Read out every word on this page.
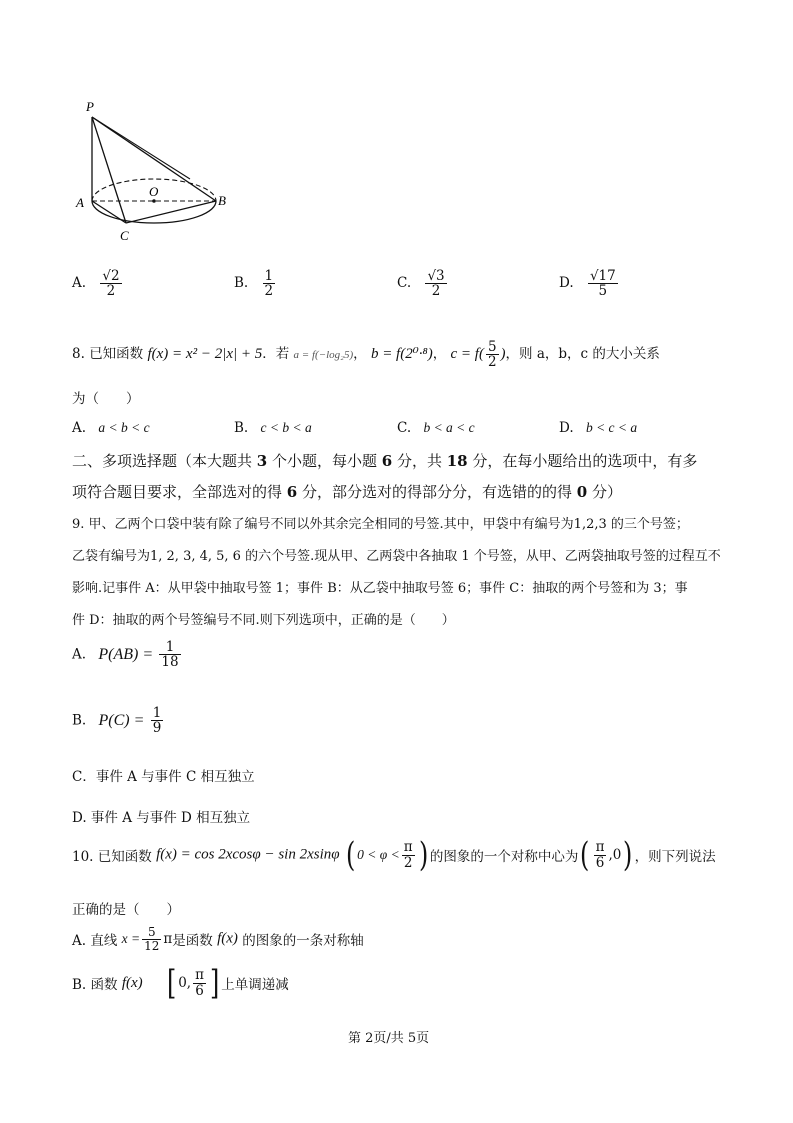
P
O
A	B
C
A. $\frac{√2}{2}$	B. $\frac{1}{2}$	C. $\frac{√3}{2}$	D. $\frac{√17}{5}$
8. 已知函数 f(x) = x² − 2|x| + 5．若 a = f(−log₂5)， b = f(2⁰·⁸)， $c = f( \frac{5}{2}$ )，则 a，b，c 的大小关系
为（　　）
A. a < b < c	B. c < b < a	C. b < a < c	D. b < c < a
二、多项选择题（本大题共 3 个小题，每小题 6 分，共 18 分，在每小题给出的选项中，有多
项符合题目要求，全部选对的得 6 分，部分选对的得部分分，有选错的的得 0 分）
9. 甲、乙两个口袋中装有除了编号不同以外其余完全相同的号签.其中，甲袋中有编号为1,2,3 的三个号签；
乙袋有编号为1, 2, 3, 4, 5, 6 的六个号签.现从甲、乙两袋中各抽取 1 个号签，从甲、乙两袋抽取号签的过程互不
影响.记事件 A：从甲袋中抽取号签 1；事件 B：从乙袋中抽取号签 6；事件 C：抽取的两个号签和为 3；事
件 D：抽取的两个号签编号不同.则下列选项中，正确的是（　　）
A. $P(AB) = \frac{1}{18}$
B. $P(C) = \frac{1}{9}$
C．事件 A 与事件 C 相互独立
D. 事件 A 与事件 D 相互独立
10. 已知函数 f(x) = cos 2xcosφ − sin 2xsinφ ( $0 < \varphi < \frac{\pi}{2}$ ) 的图象的一个对称中心为( $\frac{\pi}{6} ,0$) ，则下列说法
正确的是（　　）
A. 直线 $x = \frac{5}{12}$ π是函数 f(x) 的图象的一条对称轴
B. 函数 f(x) [ 0, $\frac{\pi}{6}$ ] 上单调递减
第 2页/共 5页
